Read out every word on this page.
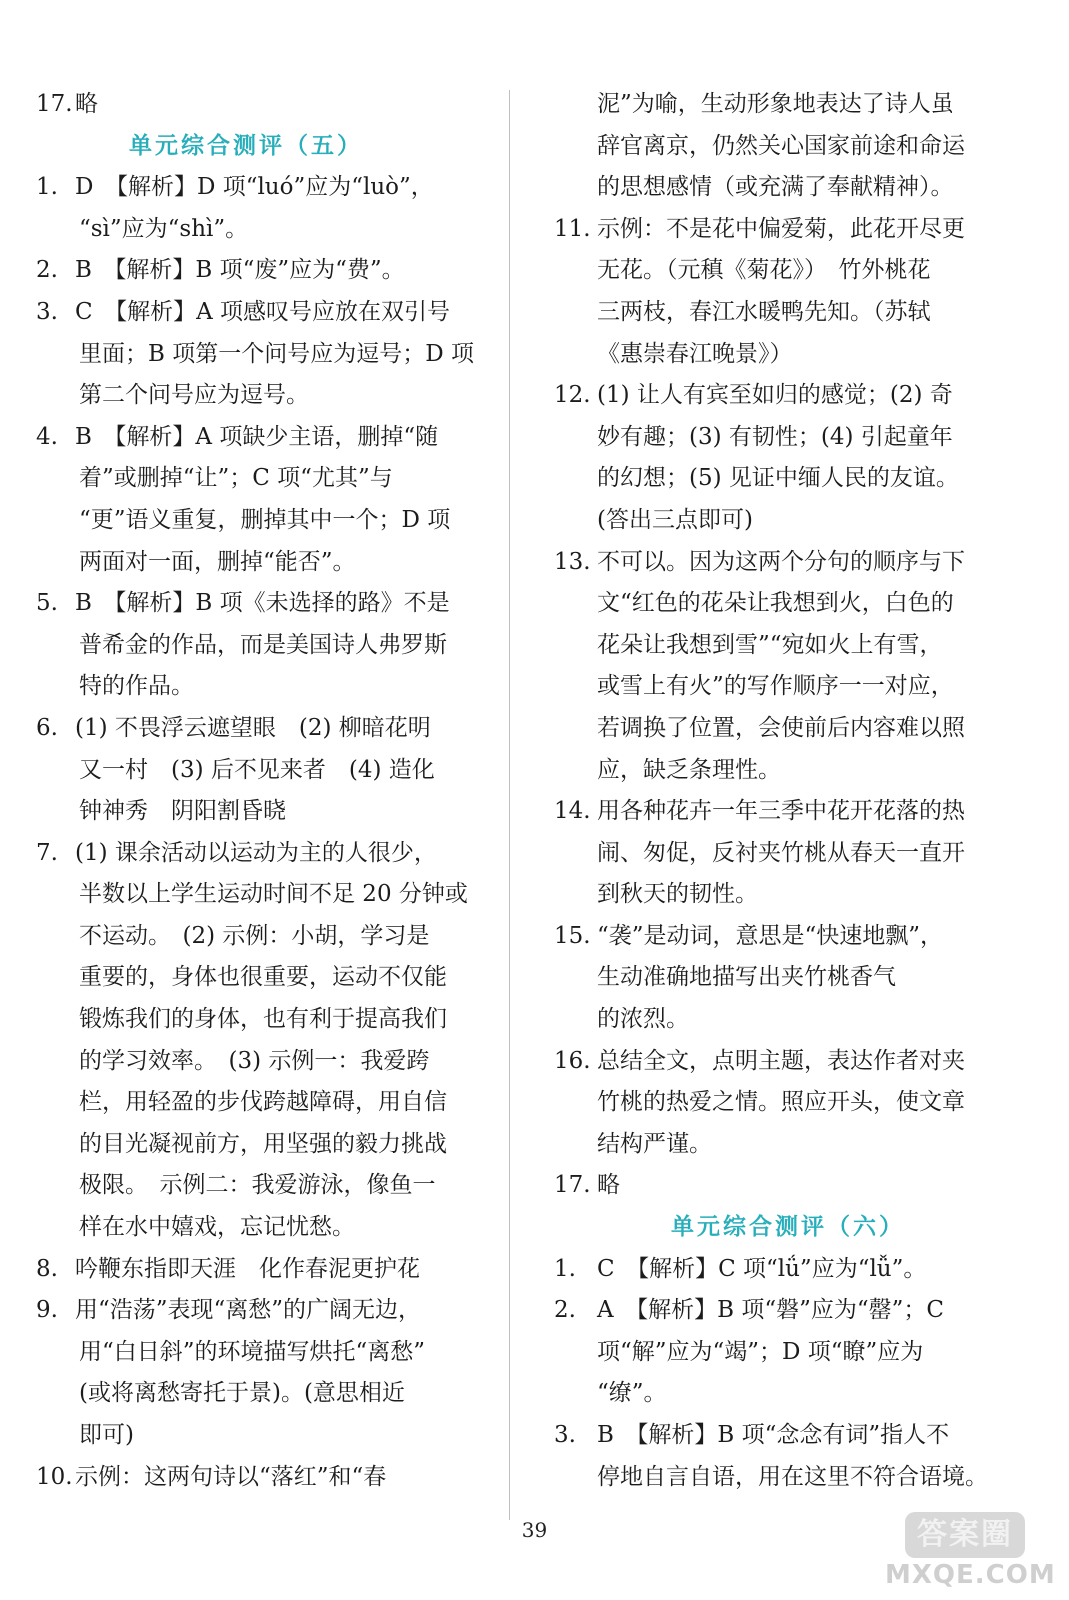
17. 略
单元综合测评（五）
1. D　【解析】D 项“luó”应为“luò”，
“sì”应为“shì”。
2. B　【解析】B 项“废”应为“费”。
3. C　【解析】A 项感叹号应放在双引号
里面；B 项第一个问号应为逗号；D 项
第二个问号应为逗号。
4. B　【解析】A 项缺少主语，删掉“随
着”或删掉“让”；C 项“尤其”与
“更”语义重复，删掉其中一个；D 项
两面对一面，删掉“能否”。
5. B　【解析】B 项《未选择的路》不是
普希金的作品，而是美国诗人弗罗斯
特的作品。
6. (1) 不畏浮云遮望眼　(2) 柳暗花明
又一村　(3) 后不见来者　(4) 造化
钟神秀　阴阳割昏晓
7. (1) 课余活动以运动为主的人很少，
半数以上学生运动时间不足 20 分钟或
不运动。　(2) 示例：小胡，学习是
重要的，身体也很重要，运动不仅能
锻炼我们的身体，也有利于提高我们
的学习效率。　(3) 示例一：我爱跨
栏，用轻盈的步伐跨越障碍，用自信
的目光凝视前方，用坚强的毅力挑战
极限。　示例二：我爱游泳，像鱼一
样在水中嬉戏，忘记忧愁。
8. 吟鞭东指即天涯　化作春泥更护花
9. 用“浩荡”表现“离愁”的广阔无边，
用“白日斜”的环境描写烘托“离愁”
(或将离愁寄托于景)。(意思相近
即可)
10. 示例：这两句诗以“落红”和“春
泥”为喻，生动形象地表达了诗人虽
辞官离京，仍然关心国家前途和命运
的思想感情（或充满了奉献精神）。
11. 示例：不是花中偏爱菊，此花开尽更
无花。（元稹《菊花》）　竹外桃花
三两枝，春江水暖鸭先知。（苏轼
《惠崇春江晚景》）
12. (1) 让人有宾至如归的感觉；(2) 奇
妙有趣；(3) 有韧性；(4) 引起童年
的幻想；(5) 见证中缅人民的友谊。
(答出三点即可)
13. 不可以。因为这两个分句的顺序与下
文“红色的花朵让我想到火，白色的
花朵让我想到雪”“宛如火上有雪，
或雪上有火”的写作顺序一一对应，
若调换了位置，会使前后内容难以照
应，缺乏条理性。
14. 用各种花卉一年三季中花开花落的热
闹、匆促，反衬夹竹桃从春天一直开
到秋天的韧性。
15. “袭”是动词，意思是“快速地飘”，
生动准确地描写出夹竹桃香气
的浓烈。
16. 总结全文，点明主题，表达作者对夹
竹桃的热爱之情。照应开头，使文章
结构严谨。
17. 略
单元综合测评（六）
1. C　【解析】C 项“lǘ”应为“lǚ”。
2. A　【解析】B 项“磐”应为“罄”；C
项“解”应为“竭”；D 项“瞭”应为
“缭”。
3. B　【解析】B 项“念念有词”指人不
停地自言自语，用在这里不符合语境。
39	答案圈
MXQE.COM
